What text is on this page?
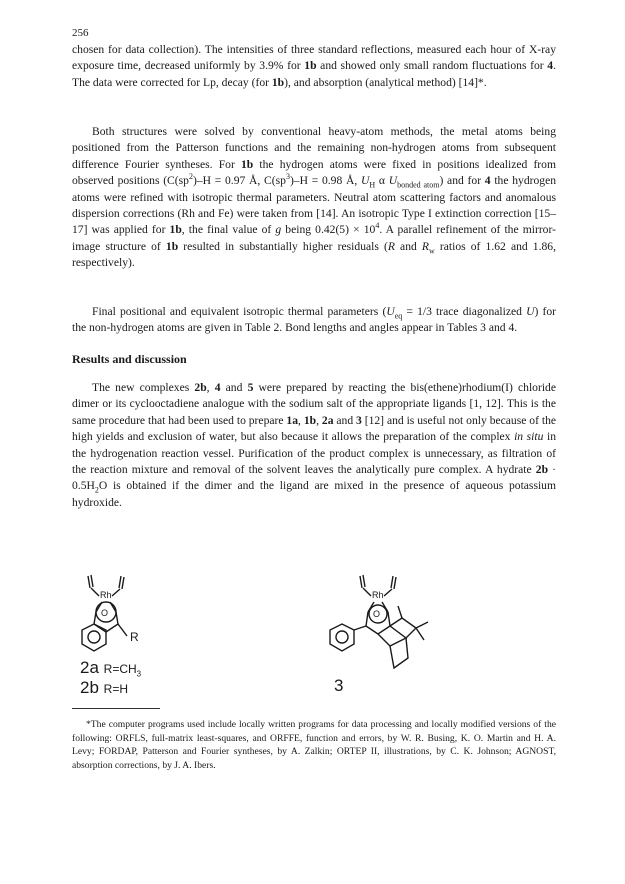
256

chosen for data collection). The intensities of three standard reflections, measured each hour of X-ray exposure time, decreased uniformly by 3.9% for 1b and showed only small random fluctuations for 4. The data were corrected for Lp, decay (for 1b), and absorption (analytical method) [14]*.

Both structures were solved by conventional heavy-atom methods, the metal atoms being positioned from the Patterson functions and the remaining non-hydrogen atoms from subsequent difference Fourier syntheses. For 1b the hydrogen atoms were fixed in positions idealized from observed positions ($C(sp^2)-H = 0.97$ Å, $C(sp^3)-H = 0.98$ Å, $U_H$ α $U_{bonded atom}$) and for 4 the hydrogen atoms were refined with isotropic thermal parameters. Neutral atom scattering factors and anomalous dispersion corrections (Rh and Fe) were taken from [14]. An isotropic Type I extinction correction [15–17] was applied for 1b, the final value of g being $0.42(5) \times 10^4$. A parallel refinement of the mirror-image structure of 1b resulted in substantially higher residuals (R and $R_w$ ratios of 1.62 and 1.86, respectively).

Final positional and equivalent isotropic thermal parameters ($U_{eq} = 1/3$ trace diagonalized U) for the non-hydrogen atoms are given in Table 2. Bond lengths and angles appear in Tables 3 and 4.

Results and discussion

The new complexes 2b, 4 and 5 were prepared by reacting the bis(ethene)rhodium(I) chloride dimer or its cyclooctadiene analogue with the sodium salt of the appropriate ligands [1, 12]. This is the same procedure that had been used to prepare 1a, 1b, 2a and 3 [12] and is useful not only because of the high yields and exclusion of water, but also because it allows the preparation of the complex in situ in the hydrogenation reaction vessel. Purification of the product complex is unnecessary, as filtration of the reaction mixture and removal of the solvent leaves the analytically pure complex. A hydrate $2b \cdot 0.5H_2O$ is obtained if the dimer and the ligand are mixed in the presence of aqueous potassium hydroxide.

Rh
O
R
2a $R=CH_3$
2b R=H
Rh
O
3

*The computer programs used include locally written programs for data processing and locally modified versions of the following: ORFLS, full-matrix least-squares, and ORFFE, function and errors, by W. R. Busing, K. O. Martin and H. A. Levy; FORDAP, Patterson and Fourier syntheses, by A. Zalkin; ORTEP II, illustrations, by C. K. Johnson; AGNOST, absorption corrections, by J. A. Ibers.
